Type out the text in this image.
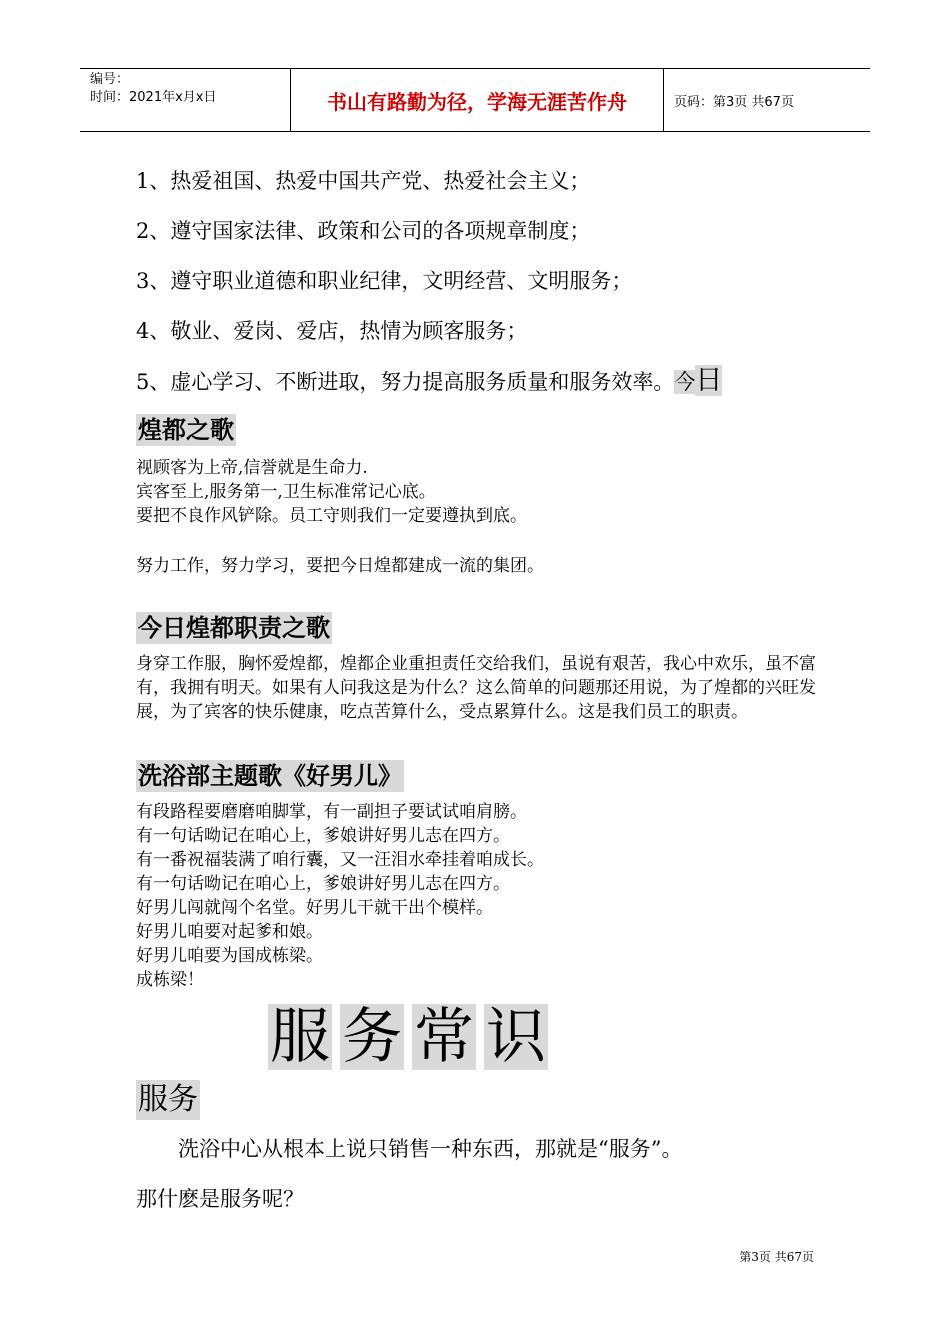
编号：
时间：2021年x月x日	书山有路勤为径，学海无涯苦作舟	页码：第3页 共67页

1、热爱祖国、热爱中国共产党、热爱社会主义；

2、遵守国家法律、政策和公司的各项规章制度；

3、遵守职业道德和职业纪律，文明经营、文明服务；

4、敬业、爱岗、爱店，热情为顾客服务；

5、虚心学习、不断进取，努力提高服务质量和服务效率。今日

煌都之歌

视顾客为上帝,信誉就是生命力.

宾客至上,服务第一,卫生标准常记心底。

要把不良作风铲除。员工守则我们一定要遵执到底。

努力工作，努力学习，要把今日煌都建成一流的集团。

今日煌都职责之歌

身穿工作服，胸怀爱煌都，煌都企业重担责任交给我们，虽说有艰苦，我心中欢乐，虽不富有，我拥有明天。如果有人问我这是为什么？这么简单的问题那还用说，为了煌都的兴旺发展，为了宾客的快乐健康，吃点苦算什么，受点累算什么。这是我们员工的职责。

洗浴部主题歌《好男儿》

有段路程要磨磨咱脚掌，有一副担子要试试咱肩膀。

有一句话呦记在咱心上，爹娘讲好男儿志在四方。

有一番祝福装满了咱行囊，又一汪泪水牵挂着咱成长。

有一句话呦记在咱心上，爹娘讲好男儿志在四方。

好男儿闯就闯个名堂。好男儿干就干出个模样。

好男儿咱要对起爹和娘。

好男儿咱要为国成栋梁。

成栋梁！

服 务 常 识
服务

　　洗浴中心从根本上说只销售一种东西，那就是“服务”。

那什麽是服务呢？

第3页 共67页
